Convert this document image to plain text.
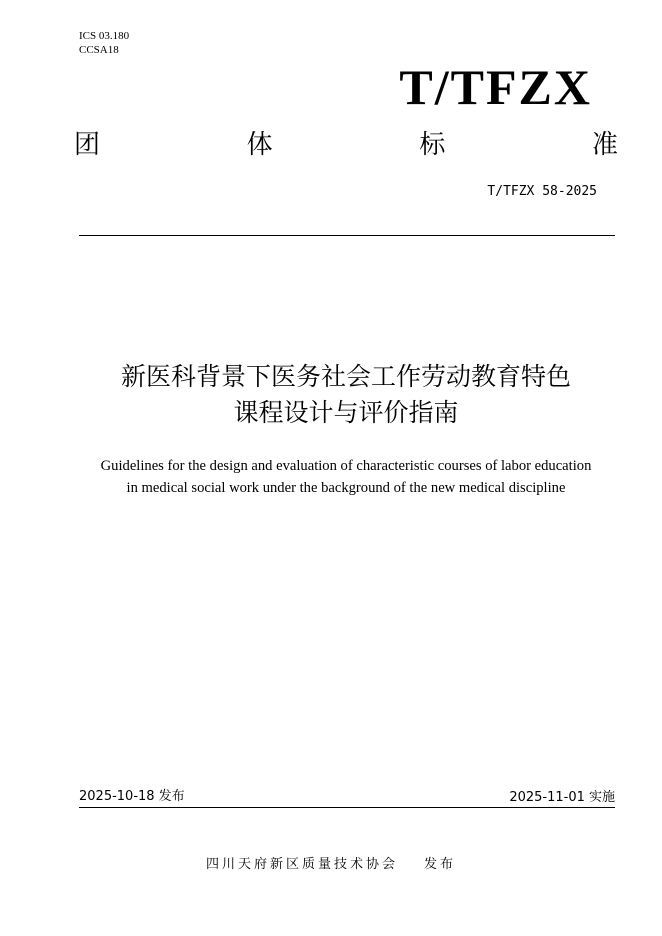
ICS 03.180
CCSA18
T/TFZX
团	体	标	准
T/TFZX 58-2025
新医科背景下医务社会工作劳动教育特色
课程设计与评价指南
Guidelines for the design and evaluation of characteristic courses of labor education
in medical social work under the background of the new medical discipline
2025-10-18 发布	2025-11-01 实施
四川天府新区质量技术协会 发布
